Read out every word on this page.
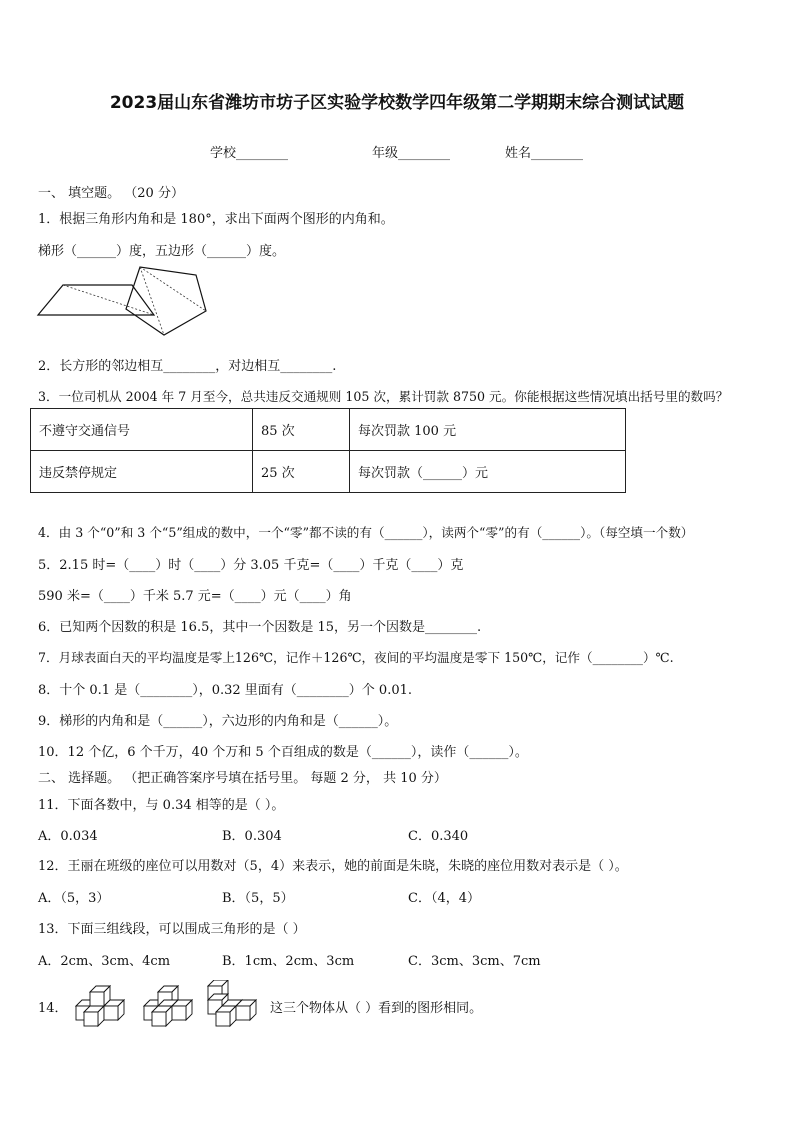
2023届山东省潍坊市坊子区实验学校数学四年级第二学期期末综合测试试题
学校________	年级________	姓名________
一、 填空题。 （20 分）
1．根据三角形内角和是 180°，求出下面两个图形的内角和。
梯形（______）度，五边形（______）度。
2．长方形的邻边相互________，对边相互________.
3．一位司机从 2004 年 7 月至今，总共违反交通规则 105 次，累计罚款 8750 元。你能根据这些情况填出括号里的数吗？
不遵守交通信号	85 次	每次罚款 100 元
违反禁停规定	25 次	每次罚款（______）元
4．由 3 个“0”和 3 个“5”组成的数中，一个“零”都不读的有（______），读两个“零”的有（______）。（每空填一个数）
5．2.15 时=（____）时（____）分 3.05 千克=（____）千克（____）克
590 米=（____）千米 5.7 元=（____）元（____）角
6．已知两个因数的积是 16.5，其中一个因数是 15，另一个因数是________.
7．月球表面白天的平均温度是零上126℃，记作＋126℃，夜间的平均温度是零下 150℃，记作（________）℃.
8．十个 0.1 是（________），0.32 里面有（________）个 0.01.
9．梯形的内角和是（______），六边形的内角和是（______）。
10．12 个亿，6 个千万，40 个万和 5 个百组成的数是（______），读作（______）。
二、 选择题。 （把正确答案序号填在括号里。 每题 2 分， 共 10 分）
11．下面各数中，与 0.34 相等的是（ ）。
A．0.034	B．0.304	C．0.340
12．王丽在班级的座位可以用数对（5，4）来表示，她的前面是朱晓，朱晓的座位用数对表示是（ ）。
A．（5，3）	B．（5，5）	C．（4，4）
13．下面三组线段，可以围成三角形的是（ ）
A．2cm、3cm、4cm	B．1cm、2cm、3cm	C．3cm、3cm、7cm
14．	这三个物体从（ ）看到的图形相同。
